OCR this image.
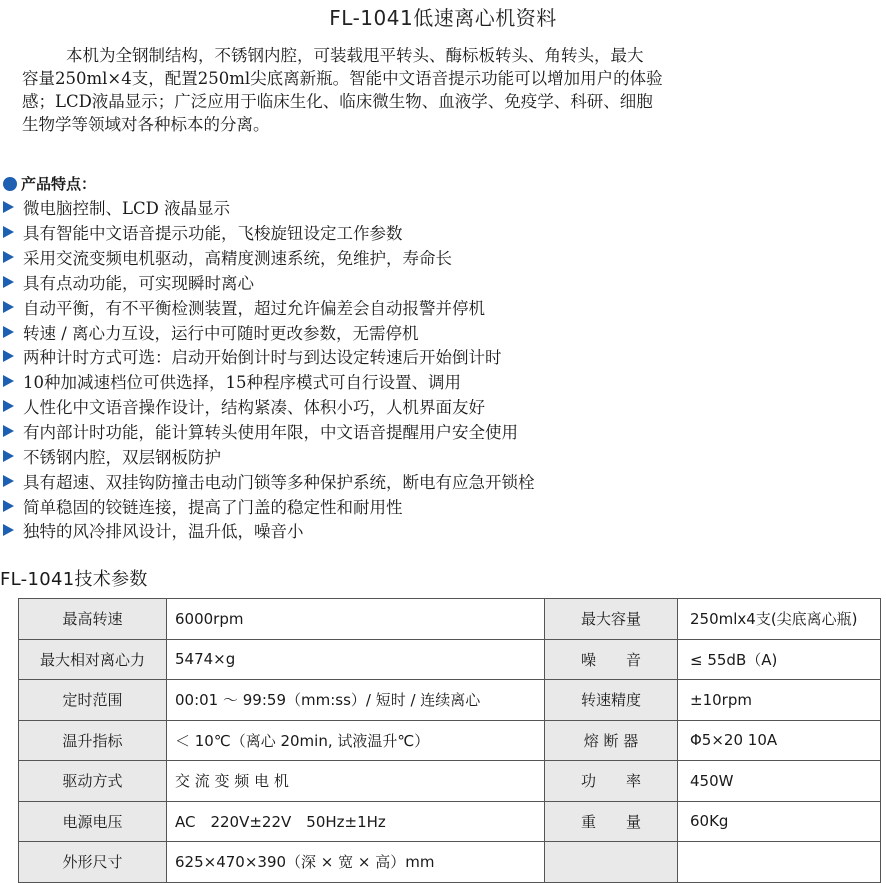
FL-1041低速离心机资料
本机为全钢制结构，不锈钢内腔，可装载甩平转头、酶标板转头、角转头，最大
容量250ml×4支，配置250ml尖底离新瓶。智能中文语音提示功能可以增加用户的体验
感；LCD液晶显示；广泛应用于临床生化、临床微生物、血液学、免疫学、科研、细胞
生物学等领域对各种标本的分离。
产品特点：
微电脑控制、LCD 液晶显示
具有智能中文语音提示功能，飞梭旋钮设定工作参数
采用交流变频电机驱动，高精度测速系统，免维护，寿命长
具有点动功能，可实现瞬时离心
自动平衡，有不平衡检测装置，超过允许偏差会自动报警并停机
转速 / 离心力互设，运行中可随时更改参数，无需停机
两种计时方式可选：启动开始倒计时与到达设定转速后开始倒计时
10种加减速档位可供选择，15种程序模式可自行设置、调用
人性化中文语音操作设计，结构紧凑、体积小巧，人机界面友好
有内部计时功能，能计算转头使用年限，中文语音提醒用户安全使用
不锈钢内腔，双层钢板防护
具有超速、双挂钩防撞击电动门锁等多种保护系统，断电有应急开锁栓
简单稳固的铰链连接，提高了门盖的稳定性和耐用性
独特的风冷排风设计，温升低，噪音小
FL-1041技术参数
最高转速	6000rpm	最大容量	250mlx4支(尖底离心瓶)
最大相对离心力	5474×g	噪　　音	≤ 55dB（A)
定时范围	00:01 ～ 99:59（mm:ss）/ 短时 / 连续离心	转速精度	±10rpm
温升指标	＜ 10℃（离心 20min, 试液温升℃）	熔 断 器	Φ5×20 10A
驱动方式	交 流 变 频 电 机	功　　率	450W
电源电压	AC　220V±22V　50Hz±1Hz	重　　量	60Kg
外形尺寸	625×470×390（深 × 宽 × 高）mm		
